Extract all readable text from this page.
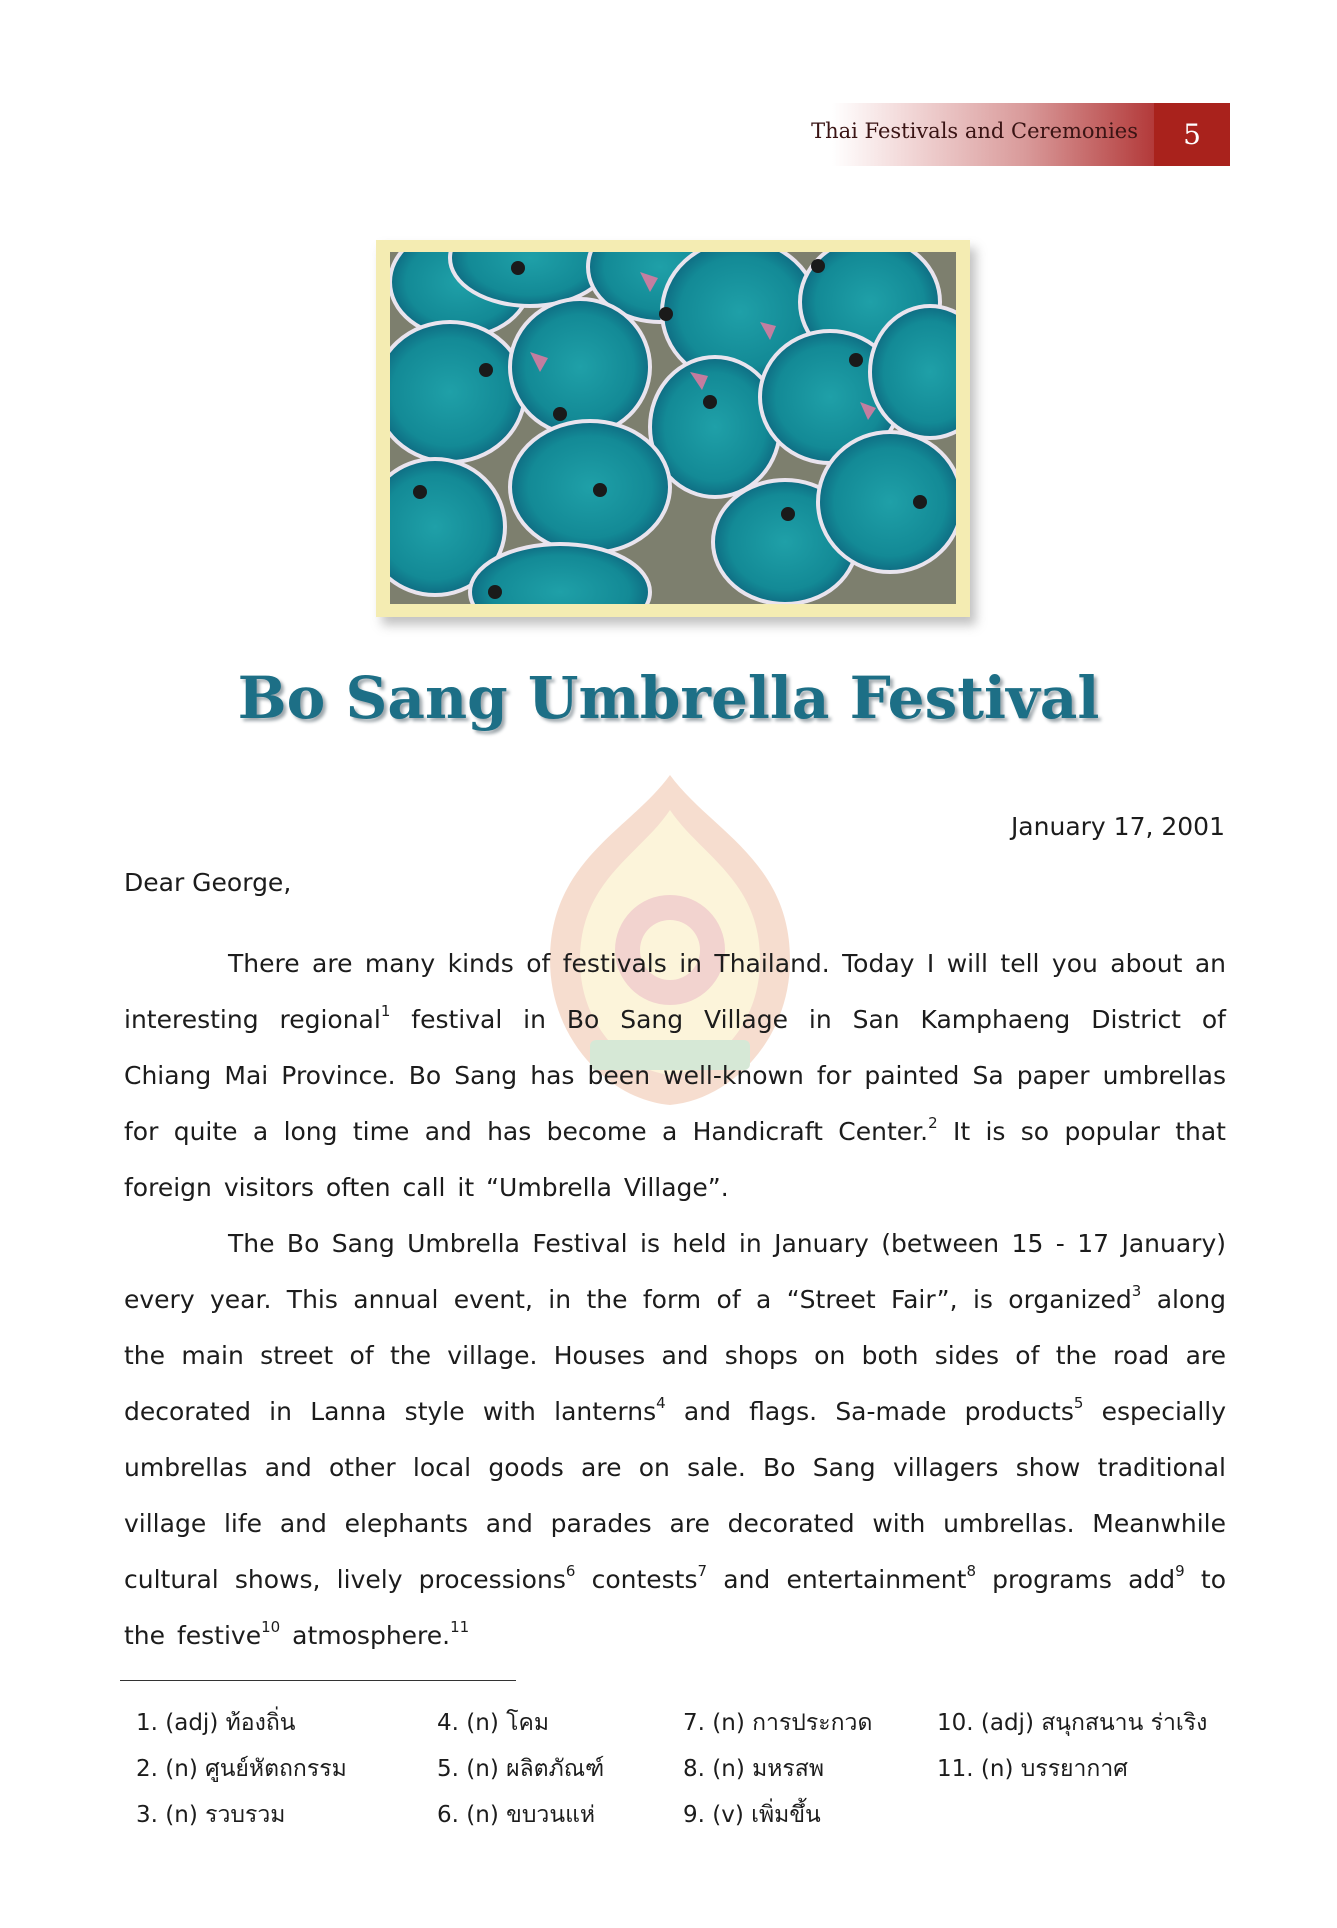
Thai Festivals and Ceremonies	5
Bo Sang Umbrella Festival
January 17, 2001
Dear George,

There are many kinds of festivals in Thailand. Today I will tell you about an interesting regional$^1$ festival in Bo Sang Village in San Kamphaeng District of Chiang Mai Province. Bo Sang has been well-known for painted Sa paper umbrellas for quite a long time and has become a Handicraft Center.$^2$ It is so popular that foreign visitors often call it “Umbrella Village”.

The Bo Sang Umbrella Festival is held in January (between 15 - 17 January) every year. This annual event, in the form of a “Street Fair”, is organized$^3$ along the main street of the village. Houses and shops on both sides of the road are decorated in Lanna style with lanterns$^4$ and flags. Sa-made products$^5$ especially umbrellas and other local goods are on sale. Bo Sang villagers show traditional village life and elephants and parades are decorated with umbrellas. Meanwhile cultural shows, lively processions$^6$ contests$^7$ and entertainment$^8$ programs add$^9$ to the festive$^{10}$ atmosphere.$^{11}$

1. (adj) ท้องถิ่น
2. (n) ศูนย์หัตถกรรม
3. (n) รวบรวม
4. (n) โคม
5. (n) ผลิตภัณฑ์
6. (n) ขบวนแห่
7. (n) การประกวด
8. (n) มหรสพ
9. (v) เพิ่มขึ้น
10. (adj) สนุกสนาน ร่าเริง
11. (n) บรรยากาศ
